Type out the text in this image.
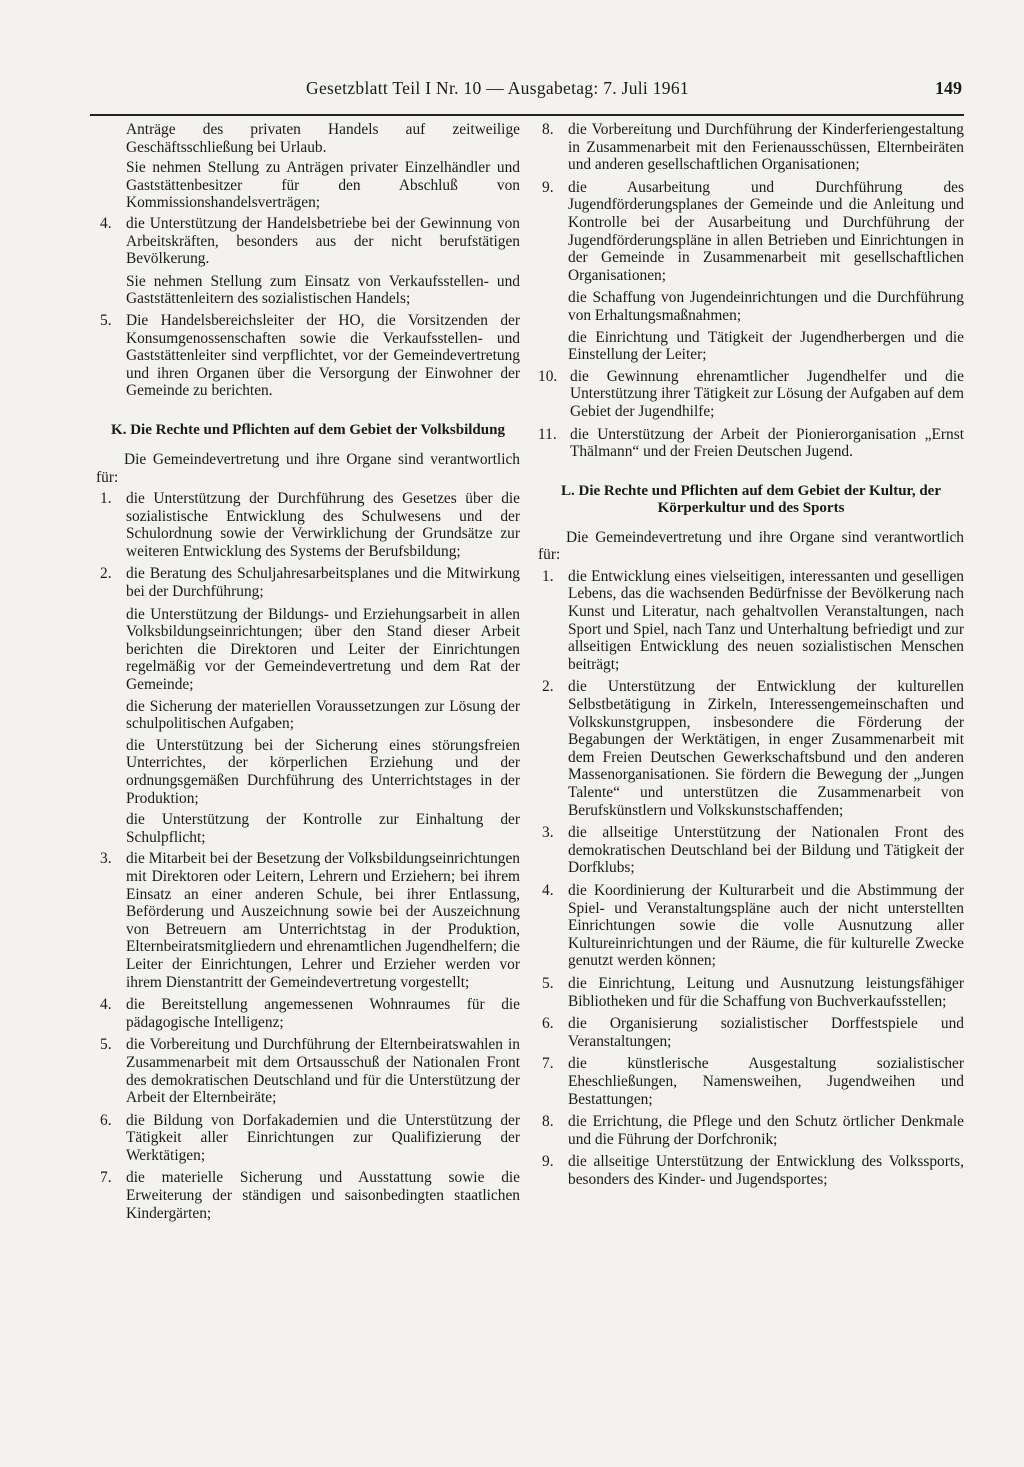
Gesetzblatt Teil I Nr. 10 — Ausgabetag: 7. Juli 1961	149

Anträge des privaten Handels auf zeitweilige Geschäftsschließung bei Urlaub.

Sie nehmen Stellung zu Anträgen privater Einzelhändler und Gaststättenbesitzer für den Abschluß von Kommissionshandelsverträgen;

4. die Unterstützung der Handelsbetriebe bei der Gewinnung von Arbeitskräften, besonders aus der nicht berufstätigen Bevölkerung.

Sie nehmen Stellung zum Einsatz von Verkaufsstellen- und Gaststättenleitern des sozialistischen Handels;

5. Die Handelsbereichsleiter der HO, die Vorsitzenden der Konsumgenossenschaften sowie die Verkaufsstellen- und Gaststättenleiter sind verpflichtet, vor der Gemeindevertretung und ihren Organen über die Versorgung der Einwohner der Gemeinde zu berichten.
K. Die Rechte und Pflichten auf dem Gebiet der Volksbildung

Die Gemeindevertretung und ihre Organe sind verantwortlich für:

1. die Unterstützung der Durchführung des Gesetzes über die sozialistische Entwicklung des Schulwesens und der Schulordnung sowie der Verwirklichung der Grundsätze zur weiteren Entwicklung des Systems der Berufsbildung;
2. die Beratung des Schuljahresarbeitsplanes und die Mitwirkung bei der Durchführung;

die Unterstützung der Bildungs- und Erziehungsarbeit in allen Volksbildungseinrichtungen; über den Stand dieser Arbeit berichten die Direktoren und Leiter der Einrichtungen regelmäßig vor der Gemeindevertretung und dem Rat der Gemeinde;

die Sicherung der materiellen Voraussetzungen zur Lösung der schulpolitischen Aufgaben;

die Unterstützung bei der Sicherung eines störungsfreien Unterrichtes, der körperlichen Erziehung und der ordnungsgemäßen Durchführung des Unterrichtstages in der Produktion;

die Unterstützung der Kontrolle zur Einhaltung der Schulpflicht;

3. die Mitarbeit bei der Besetzung der Volksbildungseinrichtungen mit Direktoren oder Leitern, Lehrern und Erziehern; bei ihrem Einsatz an einer anderen Schule, bei ihrer Entlassung, Beförderung und Auszeichnung sowie bei der Auszeichnung von Betreuern am Unterrichtstag in der Produktion, Elternbeiratsmitgliedern und ehrenamtlichen Jugendhelfern; die Leiter der Einrichtungen, Lehrer und Erzieher werden vor ihrem Dienstantritt der Gemeindevertretung vorgestellt;
4. die Bereitstellung angemessenen Wohnraumes für die pädagogische Intelligenz;
5. die Vorbereitung und Durchführung der Elternbeiratswahlen in Zusammenarbeit mit dem Ortsausschuß der Nationalen Front des demokratischen Deutschland und für die Unterstützung der Arbeit der Elternbeiräte;
6. die Bildung von Dorfakademien und die Unterstützung der Tätigkeit aller Einrichtungen zur Qualifizierung der Werktätigen;
7. die materielle Sicherung und Ausstattung sowie die Erweiterung der ständigen und saisonbedingten staatlichen Kindergärten;
8. die Vorbereitung und Durchführung der Kinderferiengestaltung in Zusammenarbeit mit den Ferienausschüssen, Elternbeiräten und anderen gesellschaftlichen Organisationen;
9. die Ausarbeitung und Durchführung des Jugendförderungsplanes der Gemeinde und die Anleitung und Kontrolle bei der Ausarbeitung und Durchführung der Jugendförderungspläne in allen Betrieben und Einrichtungen in der Gemeinde in Zusammenarbeit mit gesellschaftlichen Organisationen;

die Schaffung von Jugendeinrichtungen und die Durchführung von Erhaltungsmaßnahmen;

die Einrichtung und Tätigkeit der Jugendherbergen und die Einstellung der Leiter;

10. die Gewinnung ehrenamtlicher Jugendhelfer und die Unterstützung ihrer Tätigkeit zur Lösung der Aufgaben auf dem Gebiet der Jugendhilfe;
11. die Unterstützung der Arbeit der Pionierorganisation „Ernst Thälmann“ und der Freien Deutschen Jugend.
L. Die Rechte und Pflichten auf dem Gebiet der Kultur, der Körperkultur und des Sports

Die Gemeindevertretung und ihre Organe sind verantwortlich für:

1. die Entwicklung eines vielseitigen, interessanten und geselligen Lebens, das die wachsenden Bedürfnisse der Bevölkerung nach Kunst und Literatur, nach gehaltvollen Veranstaltungen, nach Sport und Spiel, nach Tanz und Unterhaltung befriedigt und zur allseitigen Entwicklung des neuen sozialistischen Menschen beiträgt;
2. die Unterstützung der Entwicklung der kulturellen Selbstbetätigung in Zirkeln, Interessengemeinschaften und Volkskunstgruppen, insbesondere die Förderung der Begabungen der Werktätigen, in enger Zusammenarbeit mit dem Freien Deutschen Gewerkschaftsbund und den anderen Massenorganisationen. Sie fördern die Bewegung der „Jungen Talente“ und unterstützen die Zusammenarbeit von Berufskünstlern und Volkskunstschaffenden;
3. die allseitige Unterstützung der Nationalen Front des demokratischen Deutschland bei der Bildung und Tätigkeit der Dorfklubs;
4. die Koordinierung der Kulturarbeit und die Abstimmung der Spiel- und Veranstaltungspläne auch der nicht unterstellten Einrichtungen sowie die volle Ausnutzung aller Kultureinrichtungen und der Räume, die für kulturelle Zwecke genutzt werden können;
5. die Einrichtung, Leitung und Ausnutzung leistungsfähiger Bibliotheken und für die Schaffung von Buchverkaufsstellen;
6. die Organisierung sozialistischer Dorffestspiele und Veranstaltungen;
7. die künstlerische Ausgestaltung sozialistischer Eheschließungen, Namensweihen, Jugendweihen und Bestattungen;
8. die Errichtung, die Pflege und den Schutz örtlicher Denkmale und die Führung der Dorfchronik;
9. die allseitige Unterstützung der Entwicklung des Volkssports, besonders des Kinder- und Jugendsportes;
